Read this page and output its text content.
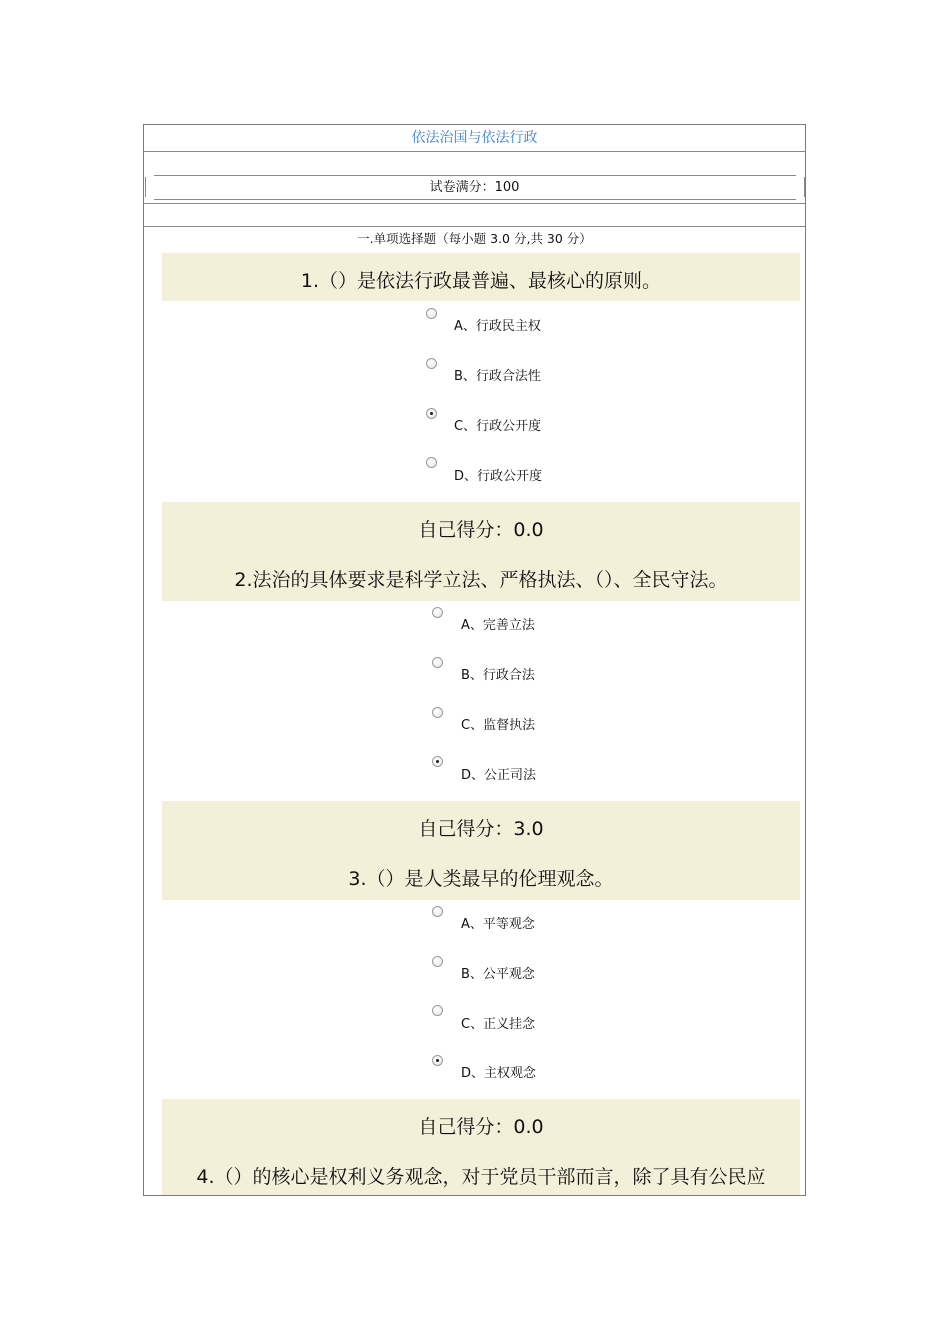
依法治国与依法行政
试卷满分：100
一.单项选择题（每小题 3.0 分,共 30 分）
1.（）是依法行政最普遍、最核心的原则。
A、行政民主权
B、行政合法性
C、行政公开度
D、行政公开度
自己得分：0.0
2.法治的具体要求是科学立法、严格执法、（）、全民守法。
A、完善立法
B、行政合法
C、监督执法
D、公正司法
自己得分：3.0
3.（）是人类最早的伦理观念。
A、平等观念
B、公平观念
C、正义挂念
D、主权观念
自己得分：0.0
4.（）的核心是权利义务观念，对于党员干部而言，除了具有公民应
